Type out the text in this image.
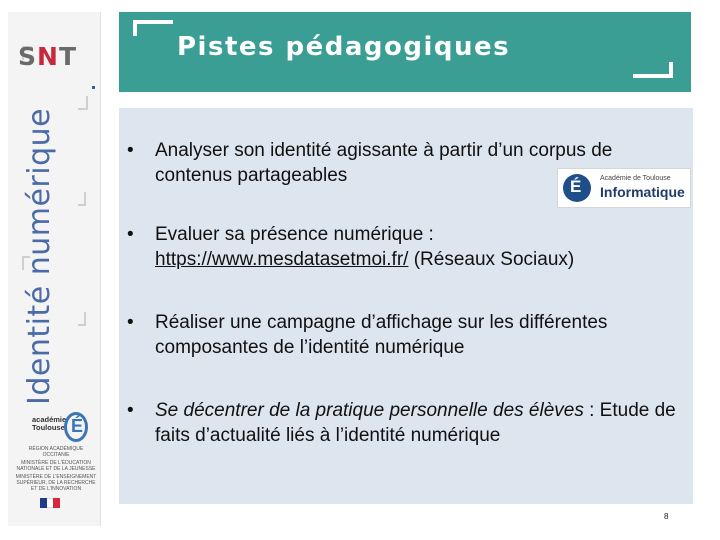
SNT
Identité numérique
académie
Toulouse É
RÉGION ACADÉMIQUE
OCCITANIE
MINISTÈRE DE L'ÉDUCATION NATIONALE ET DE LA JEUNESSE
MINISTÈRE DE L'ENSEIGNEMENT SUPÉRIEUR, DE LA RECHERCHE ET DE L'INNOVATION
Pistes pédagogiques
• Analyser son identité agissante à partir d’un corpus de contenus partageables
• Evaluer sa présence numérique :
https://www.mesdatasetmoi.fr/ (Réseaux Sociaux)
• Réaliser une campagne d’affichage sur les différentes composantes de l’identité numérique
• Se décentrer de la pratique personnelle des élèves : Etude de faits d’actualité liés à l’identité numérique
É	Académie de Toulouse
Informatique
8
